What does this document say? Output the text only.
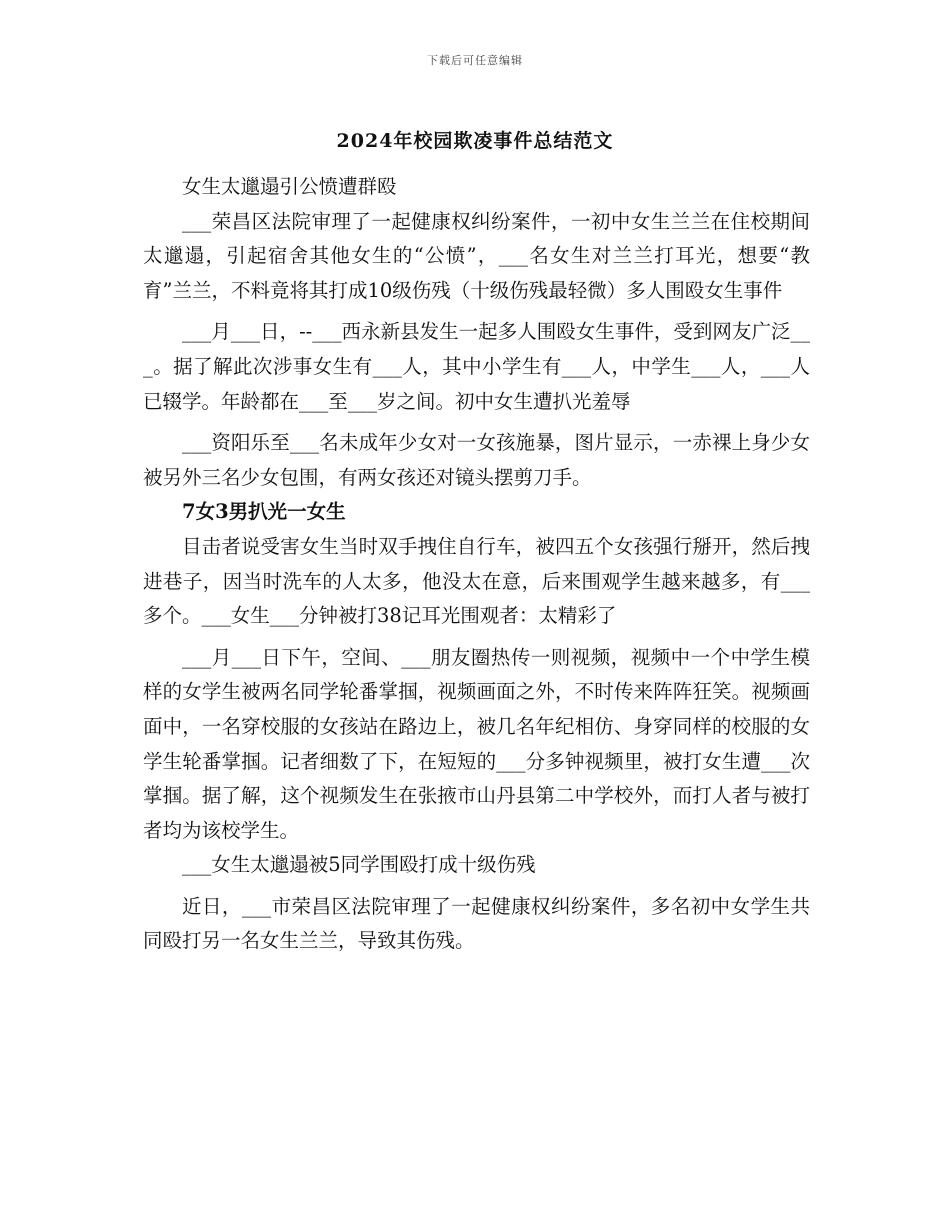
下载后可任意编辑
2024年校园欺凌事件总结范文

女生太邋遢引公愤遭群殴

___荣昌区法院审理了一起健康权纠纷案件，一初中女生兰兰在住校期间太邋遢，引起宿舍其他女生的“公愤”，___名女生对兰兰打耳光，想要“教育”兰兰，不料竟将其打成10级伤残（十级伤残最轻微）多人围殴女生事件

___月___日，--___西永新县发生一起多人围殴女生事件，受到网友广泛___。据了解此次涉事女生有___人，其中小学生有___人，中学生___人，___人已辍学。年龄都在___至___岁之间。初中女生遭扒光羞辱

___资阳乐至___名未成年少女对一女孩施暴，图片显示，一赤裸上身少女被另外三名少女包围，有两女孩还对镜头摆剪刀手。

7女3男扒光一女生

目击者说受害女生当时双手拽住自行车，被四五个女孩强行掰开，然后拽进巷子，因当时洗车的人太多，他没太在意，后来围观学生越来越多，有___多个。___女生___分钟被打38记耳光围观者：太精彩了

___月___日下午，空间、___朋友圈热传一则视频，视频中一个中学生模样的女学生被两名同学轮番掌掴，视频画面之外，不时传来阵阵狂笑。视频画面中，一名穿校服的女孩站在路边上，被几名年纪相仿、身穿同样的校服的女学生轮番掌掴。记者细数了下，在短短的___分多钟视频里，被打女生遭___次掌掴。据了解，这个视频发生在张掖市山丹县第二中学校外，而打人者与被打者均为该校学生。

___女生太邋遢被5同学围殴打成十级伤残

近日，___市荣昌区法院审理了一起健康权纠纷案件，多名初中女学生共同殴打另一名女生兰兰，导致其伤残。
